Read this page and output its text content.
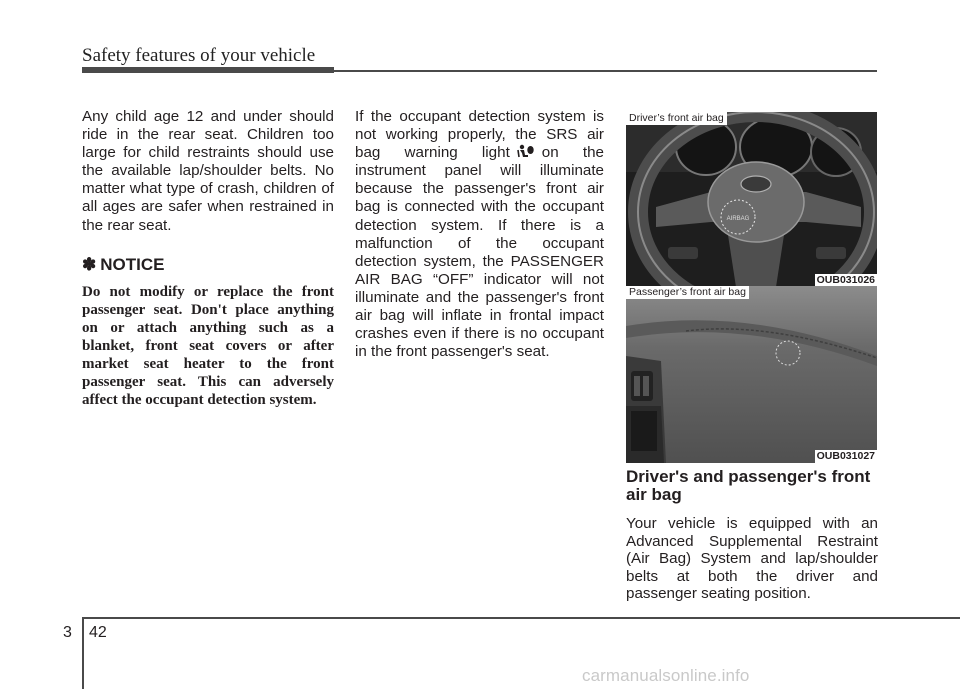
Safety features of your vehicle
Any child age 12 and under should ride in the rear seat. Children too large for child restraints should use the available lap/shoulder belts. No matter what type of crash, children of all ages are safer when restrained in the rear seat.
✽ NOTICE
Do not modify or replace the front passenger seat. Don't place anything on or attach anything such as a blanket, front seat covers or after market seat heater to the front passenger seat. This can adversely affect the occupant detection system.
If the occupant detection system is not working properly, the SRS air bag warning light on the instrument panel will illuminate because the passenger's front air bag is connected with the occupant detection system. If there is a malfunction of the occupant detection system, the PASSENGER AIR BAG “OFF” indicator will not illuminate and the passenger's front air bag will inflate in frontal impact crashes even if there is no occupant in the front passenger's seat.
AIRBAG
Driver’s front air bag
OUB031026
Passenger’s front air bag
OUB031027
Driver's and passenger's front air bag
Your vehicle is equipped with an Advanced Supplemental Restraint (Air Bag) System and lap/shoulder belts at both the driver and passenger seating position.
3 42
carmanualsonline.info
